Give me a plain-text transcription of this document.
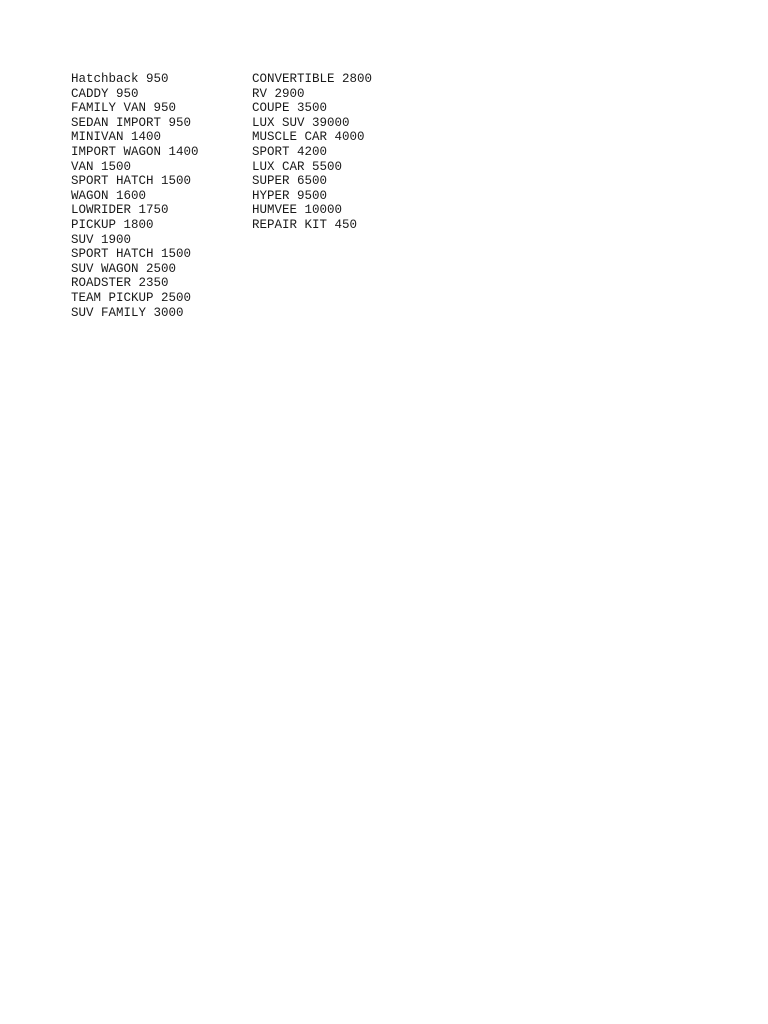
Hatchback 950
CADDY 950
FAMILY VAN 950
SEDAN IMPORT 950
MINIVAN 1400
IMPORT WAGON 1400
VAN 1500
SPORT HATCH 1500
WAGON 1600
LOWRIDER 1750
PICKUP 1800
SUV 1900
SPORT HATCH 1500
SUV WAGON 2500
ROADSTER 2350
TEAM PICKUP 2500
SUV FAMILY 3000
CONVERTIBLE 2800
RV 2900
COUPE 3500
LUX SUV 39000
MUSCLE CAR 4000
SPORT 4200
LUX CAR 5500
SUPER 6500
HYPER 9500
HUMVEE 10000
REPAIR KIT 450
